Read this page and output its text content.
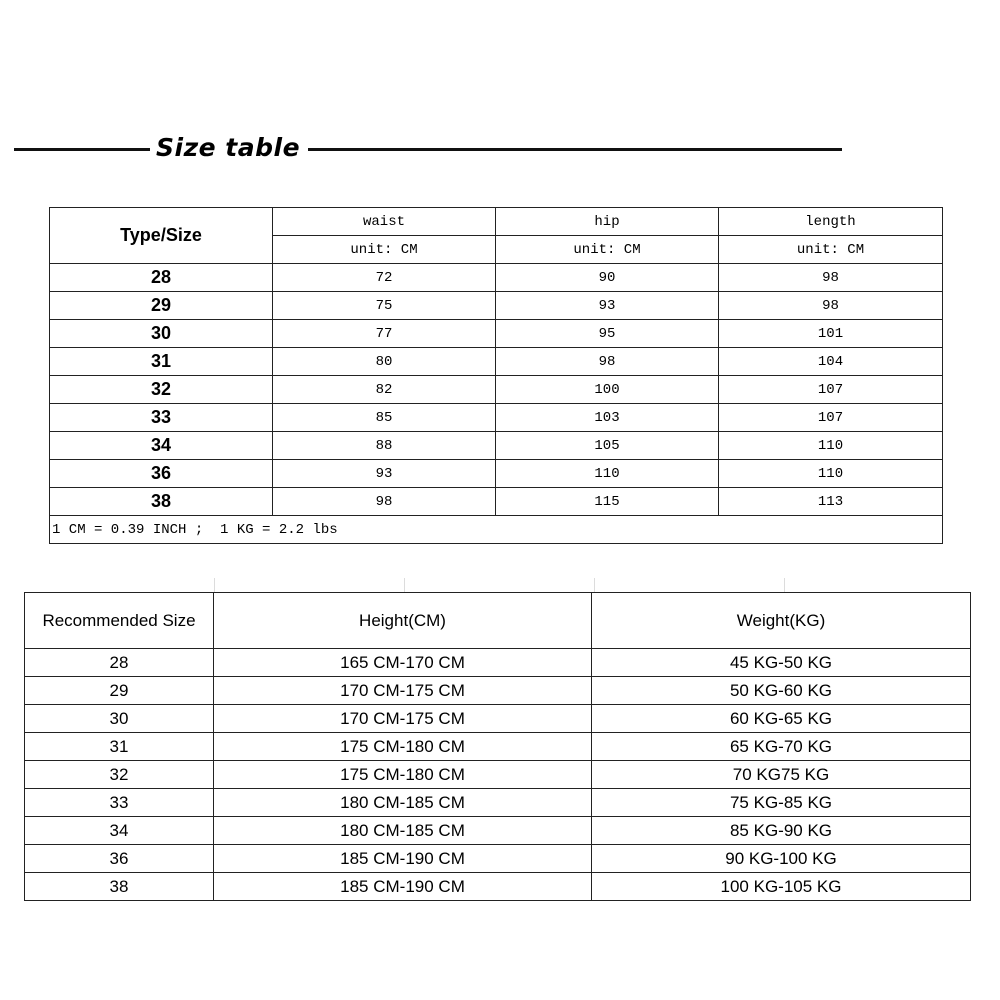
Size table
Type/Size	waist	hip	length
	unit: CM	unit: CM	unit: CM
28	72	90	98
29	75	93	98
30	77	95	101
31	80	98	104
32	82	100	107
33	85	103	107
34	88	105	110
36	93	110	110
38	98	115	113
1 CM = 0.39 INCH ;  1 KG = 2.2 lbs			
Recommended Size	Height(CM)	Weight(KG)
28	165 CM-170 CM	45 KG-50 KG
29	170 CM-175 CM	50 KG-60 KG
30	170 CM-175 CM	60 KG-65 KG
31	175 CM-180 CM	65 KG-70 KG
32	175 CM-180 CM	70 KG75 KG
33	180 CM-185 CM	75 KG-85 KG
34	180 CM-185 CM	85 KG-90 KG
36	185 CM-190 CM	90 KG-100 KG
38	185 CM-190 CM	100 KG-105 KG
